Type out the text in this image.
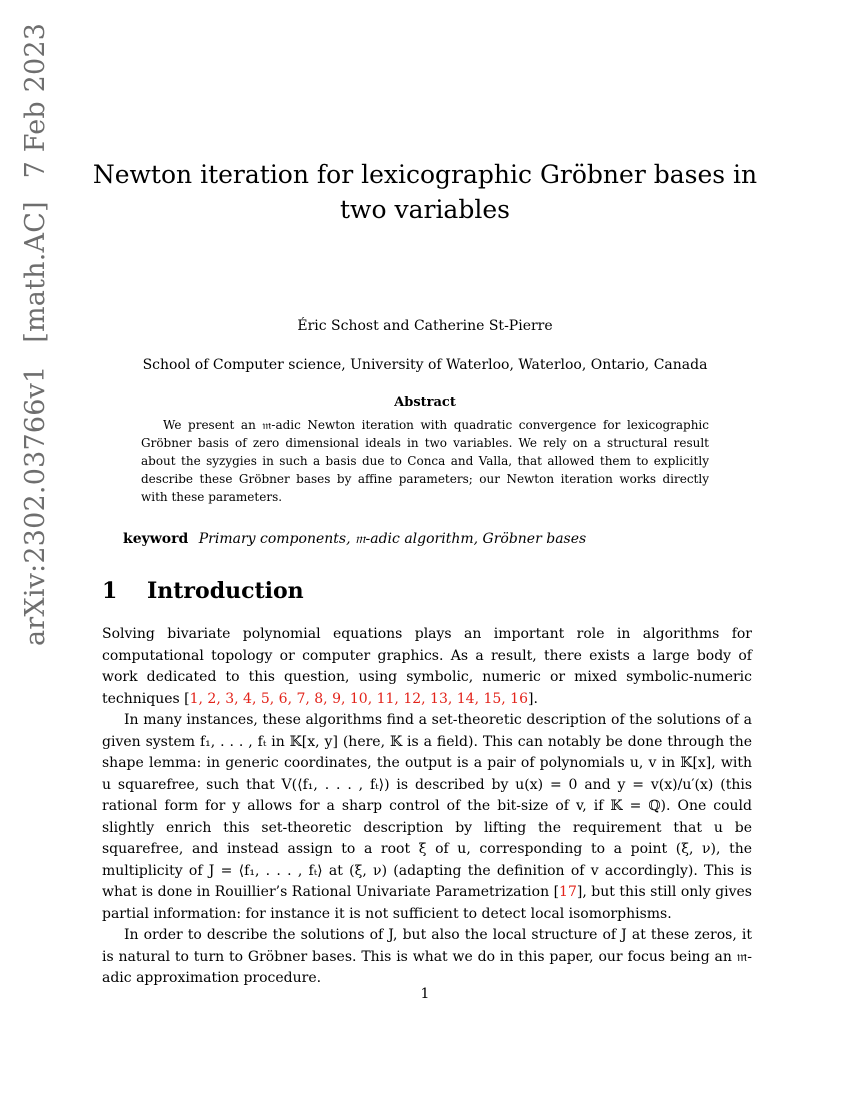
arXiv:2302.03766v1 [math.AC] 7 Feb 2023	Newton iteration for lexicographic Gröbner bases in two variables
Éric Schost and Catherine St-Pierre
School of Computer science, University of Waterloo, Waterloo, Ontario, Canada
Abstract

We present an 𝔪-adic Newton iteration with quadratic convergence for lexicographic Gröbner basis of zero dimensional ideals in two variables. We rely on a structural result about the syzygies in such a basis due to Conca and Valla, that allowed them to explicitly describe these Gröbner bases by affine parameters; our Newton iteration works directly with these parameters.

keyword Primary components, 𝔪-adic algorithm, Gröbner bases
1 Introduction

Solving bivariate polynomial equations plays an important role in algorithms for computational topology or computer graphics. As a result, there exists a large body of work dedicated to this question, using symbolic, numeric or mixed symbolic-numeric techniques [1, 2, 3, 4, 5, 6, 7, 8, 9, 10, 11, 12, 13, 14, 15, 16].

In many instances, these algorithms find a set-theoretic description of the solutions of a given system f₁, . . . , fₜ in 𝕂[x, y] (here, 𝕂 is a field). This can notably be done through the shape lemma: in generic coordinates, the output is a pair of polynomials u, v in 𝕂[x], with u squarefree, such that V(⟨f₁, . . . , fₜ⟩) is described by u(x) = 0 and y = v(x)/u′(x) (this rational form for y allows for a sharp control of the bit-size of v, if 𝕂 = ℚ). One could slightly enrich this set-theoretic description by lifting the requirement that u be squarefree, and instead assign to a root ξ of u, corresponding to a point (ξ, ν), the multiplicity of J = ⟨f₁, . . . , fₜ⟩ at (ξ, ν) (adapting the definition of v accordingly). This is what is done in Rouillier’s Rational Univariate Parametrization [17], but this still only gives partial information: for instance it is not sufficient to detect local isomorphisms.

In order to describe the solutions of J, but also the local structure of J at these zeros, it is natural to turn to Gröbner bases. This is what we do in this paper, our focus being an 𝔪-adic approximation procedure.

1
